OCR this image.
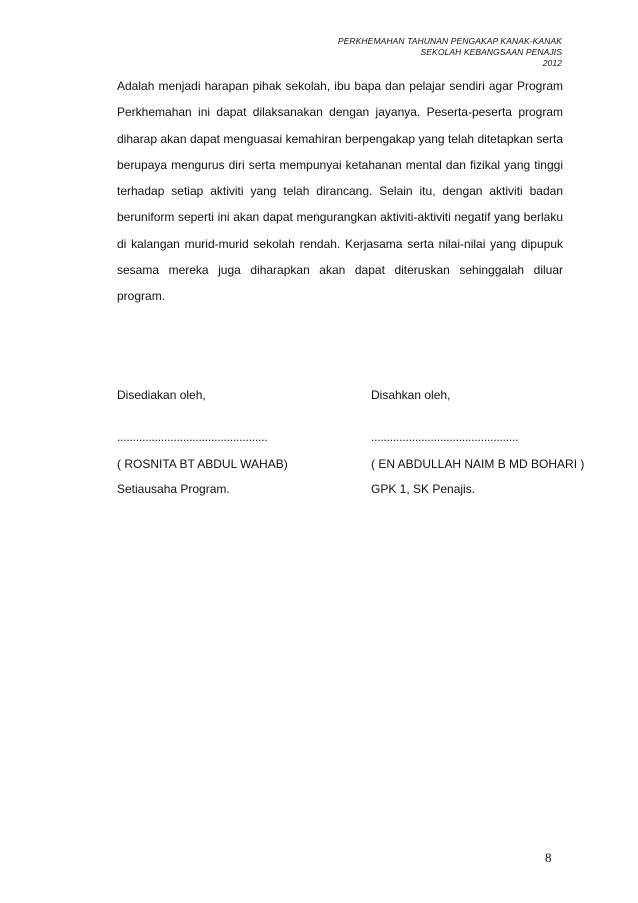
PERKHEMAHAN TAHUNAN PENGAKAP KANAK-KANAK
SEKOLAH KEBANGSAAN PENAJIS
2012

Adalah menjadi harapan pihak sekolah, ibu bapa dan pelajar sendiri agar Program Perkhemahan ini dapat dilaksanakan dengan jayanya. Peserta-peserta program diharap akan dapat menguasai kemahiran berpengakap yang telah ditetapkan serta berupaya mengurus diri serta mempunyai ketahanan mental dan fizikal yang tinggi terhadap setiap aktiviti yang telah dirancang. Selain itu, dengan aktiviti badan beruniform seperti ini akan dapat mengurangkan aktiviti-aktiviti negatif yang berlaku di kalangan murid-murid sekolah rendah. Kerjasama serta nilai-nilai yang dipupuk sesama mereka juga diharapkan akan dapat diteruskan sehinggalah diluar program.

Disediakan oleh,
................................................
( ROSNITA BT ABDUL WAHAB)
Setiausaha Program.
Disahkan oleh,
...............................................
( EN ABDULLAH NAIM B MD BOHARI )
GPK 1, SK Penajis.
8
